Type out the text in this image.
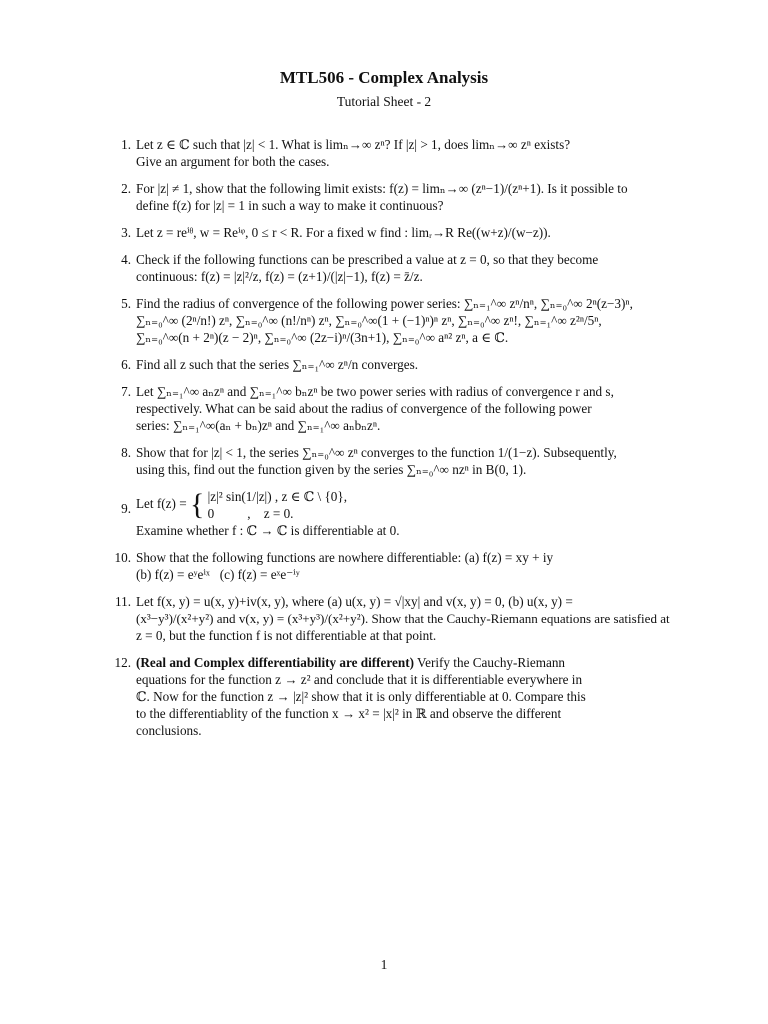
MTL506 - Complex Analysis
Tutorial Sheet - 2
1. Let z ∈ ℂ such that |z| < 1. What is limₙ→∞ zⁿ? If |z| > 1, does limₙ→∞ zⁿ exists?
Give an argument for both the cases.
2. For |z| ≠ 1, show that the following limit exists: f(z) = limₙ→∞ (zⁿ−1)/(zⁿ+1). Is it possible to
define f(z) for |z| = 1 in such a way to make it continuous?
3. Let z = reⁱᶿ, w = Reⁱᵠ, 0 ≤ r < R. For a fixed w find : limᵣ→R Re((w+z)/(w−z)).
4. Check if the following functions can be prescribed a value at z = 0, so that they become
continuous: f(z) = |z|²/z, f(z) = (z+1)/(|z|−1), f(z) = z̄/z.
5. Find the radius of convergence of the following power series: ∑ₙ₌₁^∞ zⁿ/nⁿ, ∑ₙ₌₀^∞ 2ⁿ(z−3)ⁿ,
∑ₙ₌₀^∞ (2ⁿ/n!) zⁿ, ∑ₙ₌₀^∞ (n!/nⁿ) zⁿ, ∑ₙ₌₀^∞(1 + (−1)ⁿ)ⁿ zⁿ, ∑ₙ₌₀^∞ zⁿ!, ∑ₙ₌₁^∞ z²ⁿ/5ⁿ,
∑ₙ₌₀^∞(n + 2ⁿ)(z − 2)ⁿ, ∑ₙ₌₀^∞ (2z−i)ⁿ/(3n+1), ∑ₙ₌₀^∞ aⁿ² zⁿ, a ∈ ℂ.
6. Find all z such that the series ∑ₙ₌₁^∞ zⁿ/n converges.
7. Let ∑ₙ₌₁^∞ aₙzⁿ and ∑ₙ₌₁^∞ bₙzⁿ be two power series with radius of convergence r and s,
respectively. What can be said about the radius of convergence of the following power
series: ∑ₙ₌₁^∞(aₙ + bₙ)zⁿ and ∑ₙ₌₁^∞ aₙbₙzⁿ.
8. Show that for |z| < 1, the series ∑ₙ₌₀^∞ zⁿ converges to the function 1/(1−z). Subsequently,
using this, find out the function given by the series ∑ₙ₌₀^∞ nzⁿ in B(0, 1).
9. Let f(z) = { |z|² sin(1/|z|) , z ∈ ℂ \ {0},
0          ,    z = 0.
Examine whether f : ℂ → ℂ is differentiable at 0.
10. Show that the following functions are nowhere differentiable: (a) f(z) = xy + iy
(b) f(z) = eʸeⁱˣ   (c) f(z) = eˣe⁻ⁱʸ
11. Let f(x, y) = u(x, y)+iv(x, y), where (a) u(x, y) = √|xy| and v(x, y) = 0, (b) u(x, y) =
(x³−y³)/(x²+y²) and v(x, y) = (x³+y³)/(x²+y²). Show that the Cauchy-Riemann equations are satisfied at
z = 0, but the function f is not differentiable at that point.
12. (Real and Complex differentiability are different) Verify the Cauchy-Riemann
equations for the function z → z² and conclude that it is differentiable everywhere in
ℂ. Now for the function z → |z|² show that it is only differentiable at 0. Compare this
to the differentiablity of the function x → x² = |x|² in ℝ and observe the different
conclusions.
1
